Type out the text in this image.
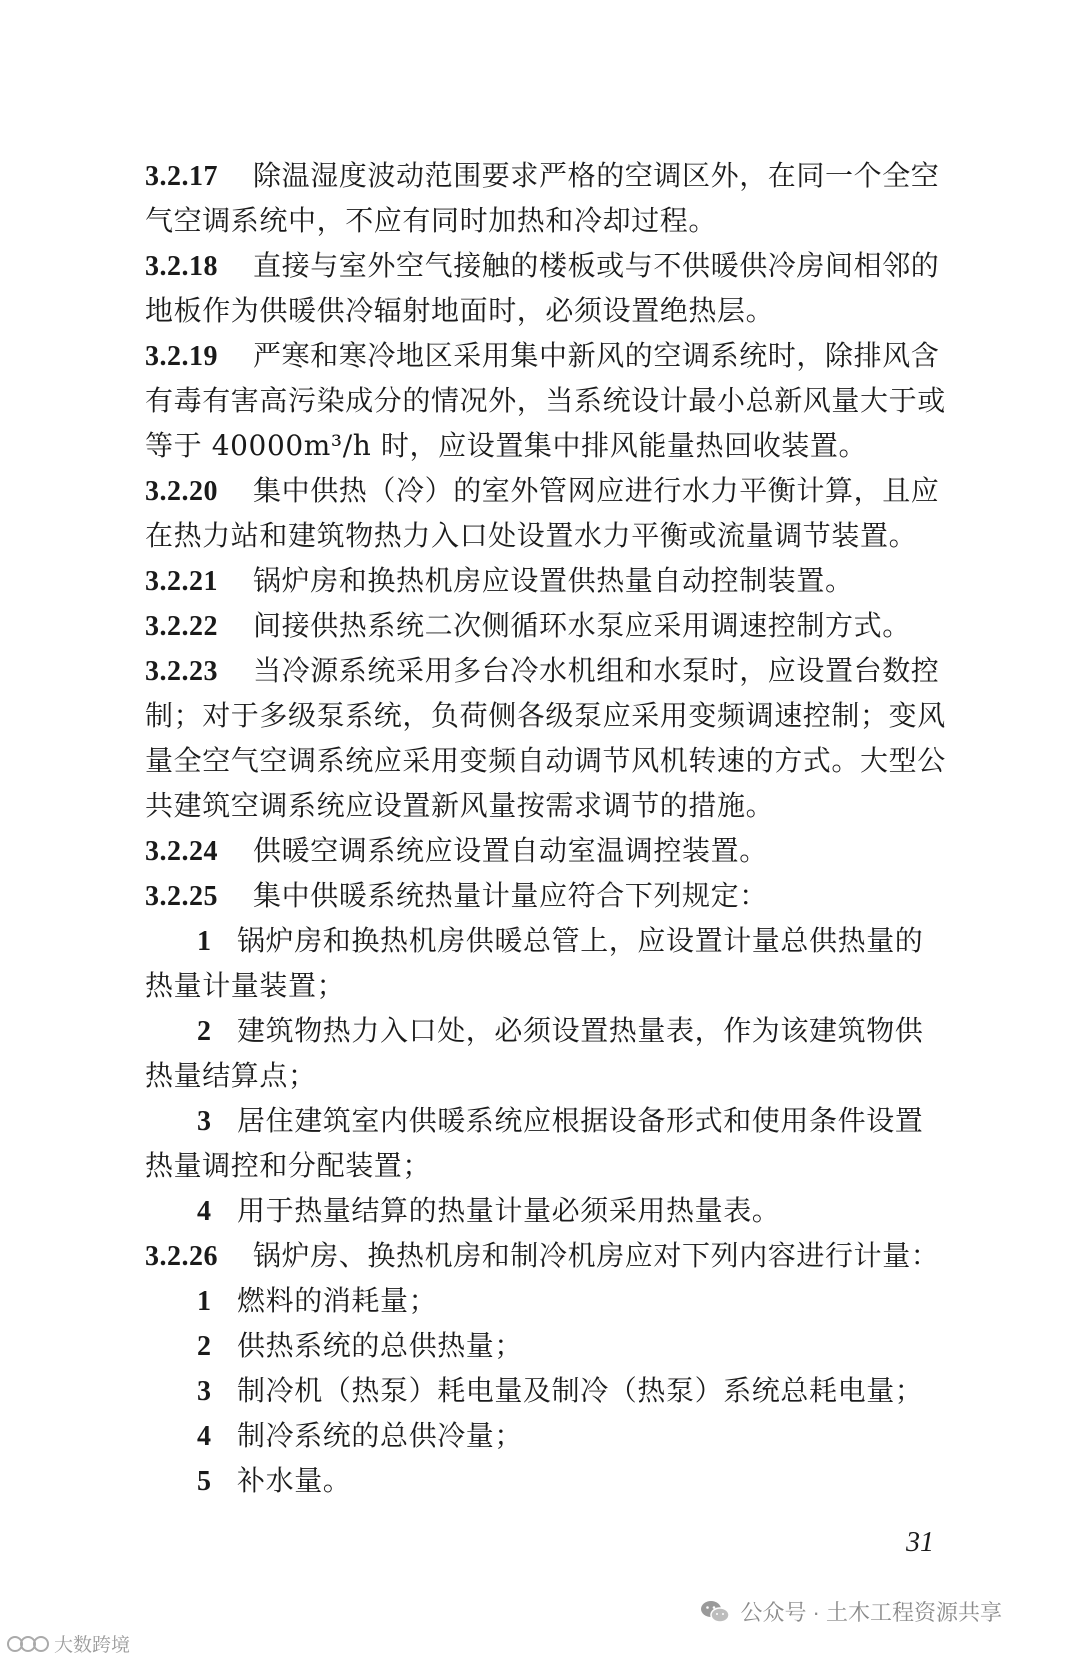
3.2.17 除温湿度波动范围要求严格的空调区外，在同一个全空
气空调系统中，不应有同时加热和冷却过程。
3.2.18 直接与室外空气接触的楼板或与不供暖供冷房间相邻的
地板作为供暖供冷辐射地面时，必须设置绝热层。
3.2.19 严寒和寒冷地区采用集中新风的空调系统时，除排风含
有毒有害高污染成分的情况外，当系统设计最小总新风量大于或
等于 40000m³/h 时，应设置集中排风能量热回收装置。
3.2.20 集中供热（冷）的室外管网应进行水力平衡计算，且应
在热力站和建筑物热力入口处设置水力平衡或流量调节装置。
3.2.21 锅炉房和换热机房应设置供热量自动控制装置。
3.2.22 间接供热系统二次侧循环水泵应采用调速控制方式。
3.2.23 当冷源系统采用多台冷水机组和水泵时，应设置台数控
制；对于多级泵系统，负荷侧各级泵应采用变频调速控制；变风
量全空气空调系统应采用变频自动调节风机转速的方式。大型公
共建筑空调系统应设置新风量按需求调节的措施。
3.2.24 供暖空调系统应设置自动室温调控装置。
3.2.25 集中供暖系统热量计量应符合下列规定：
1 锅炉房和换热机房供暖总管上，应设置计量总供热量的
热量计量装置；
2 建筑物热力入口处，必须设置热量表，作为该建筑物供
热量结算点；
3 居住建筑室内供暖系统应根据设备形式和使用条件设置
热量调控和分配装置；
4 用于热量结算的热量计量必须采用热量表。
3.2.26 锅炉房、换热机房和制冷机房应对下列内容进行计量：
1 燃料的消耗量；
2 供热系统的总供热量；
3 制冷机（热泵）耗电量及制冷（热泵）系统总耗电量；
4 制冷系统的总供冷量；
5 补水量。
31
大数跨境
公众号 · 土木工程资源共享
